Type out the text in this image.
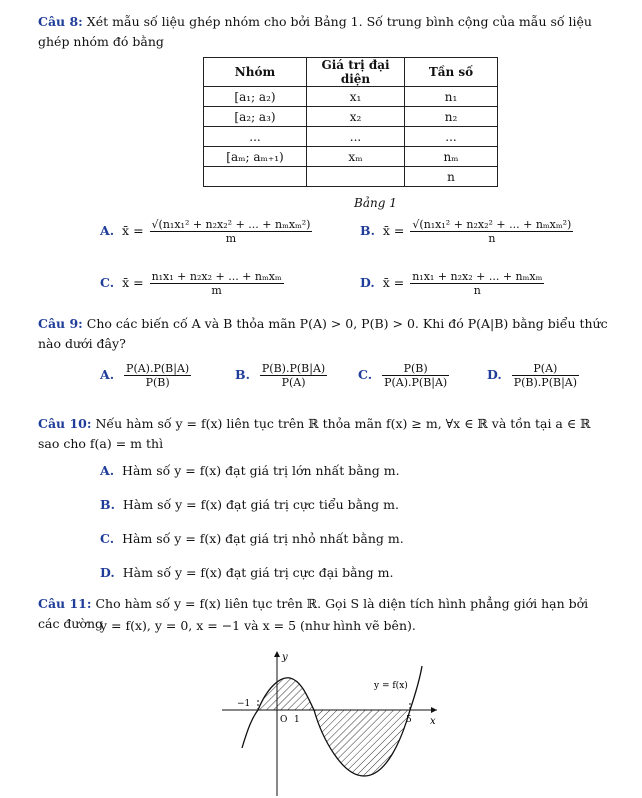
Câu 8: Xét mẫu số liệu ghép nhóm cho bởi Bảng 1. Số trung bình cộng của mẫu số liệu ghép nhóm đó bằng
Nhóm	Giá trị đại diện	Tần số
[a₁; a₂)	x₁	n₁
[a₂; a₃)	x₂	n₂
...	...	...
[aₘ; aₘ₊₁)	xₘ	nₘ
		n
Bảng 1
A. x̄ = $\frac{\text{√(n₁x₁² + n₂x₂² + ... + nₘxₘ²)}}{m}$	B. x̄ = $\frac{\text{√(n₁x₁² + n₂x₂² + ... + nₘxₘ²)}}{n}$
C. x̄ = $\frac{\text{n₁x₁ + n₂x₂ + ... + nₘxₘ}}{m}$	D. x̄ = $\frac{\text{n₁x₁ + n₂x₂ + ... + nₘxₘ}}{n}$
Câu 9: Cho các biến cố A và B thỏa mãn P(A) > 0, P(B) > 0. Khi đó P(A|B) bằng biểu thức nào dưới đây?
A. $\frac{P(A).P(B|A)}{P(B)}$	B. $\frac{P(B).P(B|A)}{P(A)} C$. $\frac{P(B)}{P(A).P(B|A)}$	D. $\frac{P(A)}{P(B).P(B|A)}$
Câu 10: Nếu hàm số y = f(x) liên tục trên ℝ thỏa mãn f(x) ≥ m, ∀x ∈ ℝ và tồn tại a ∈ ℝ sao cho f(a) = m thì
A. Hàm số y = f(x) đạt giá trị lớn nhất bằng m.
B. Hàm số y = f(x) đạt giá trị cực tiểu bằng m.
C. Hàm số y = f(x) đạt giá trị nhỏ nhất bằng m.
D. Hàm số y = f(x) đạt giá trị cực đại bằng m.
Câu 11: Cho hàm số y = f(x) liên tục trên ℝ. Gọi S là diện tích hình phẳng giới hạn bởi các đường
y = f(x), y = 0, x = −1 và x = 5 (như hình vẽ bên).
y
x
O
y = f(x)
−1
1	5
